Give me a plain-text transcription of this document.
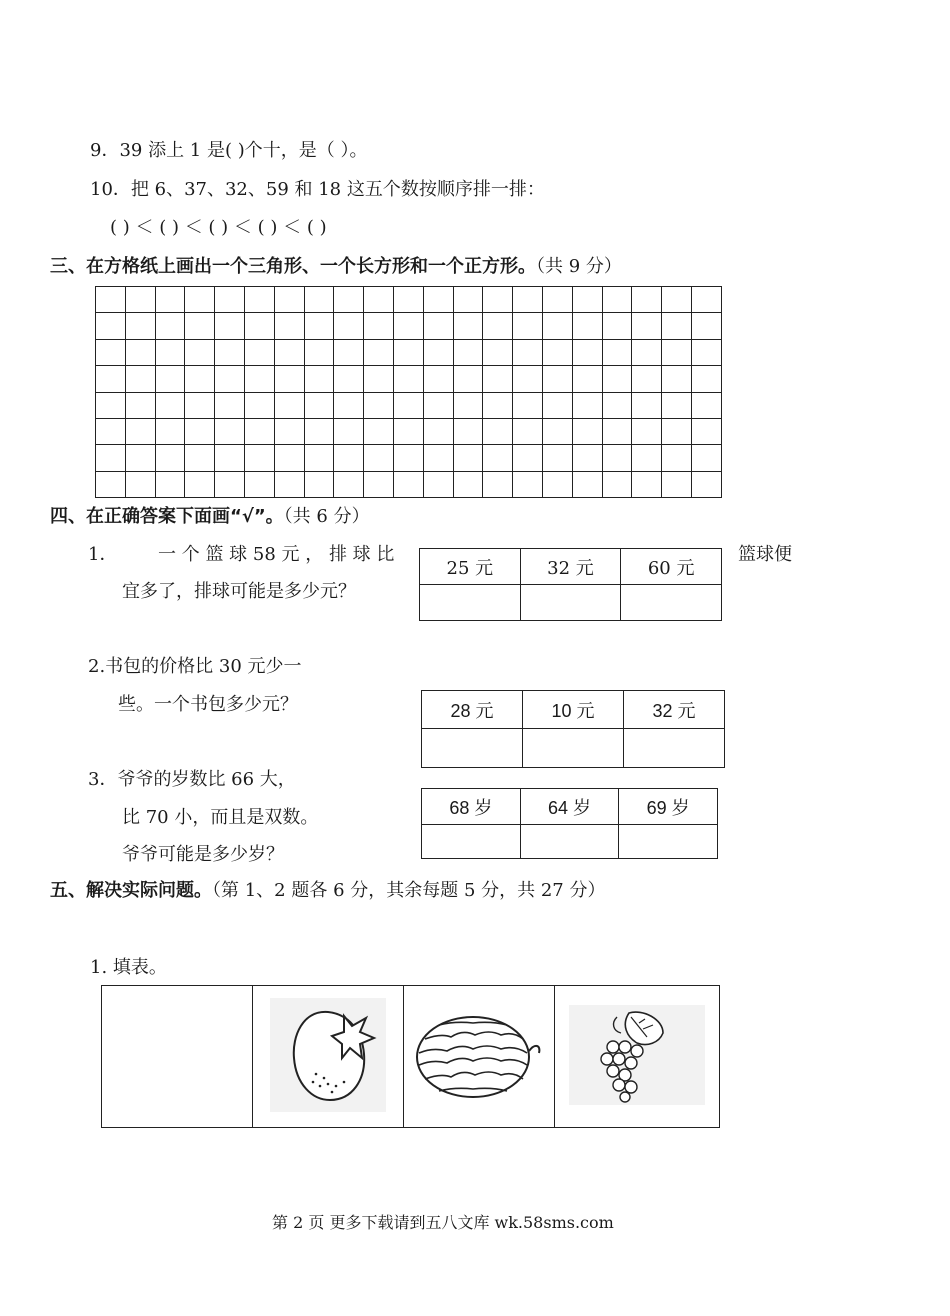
9．39 添上 1 是( )个十，是（ ）。
10．把 6、37、32、59 和 18 这五个数按顺序排一排：
( ) ＜ ( ) ＜ ( ) ＜ ( ) ＜ ( )
三、在方格纸上画出一个三角形、一个长方形和一个正方形。（共 9 分）

四、在正确答案下面画“√”。（共 6 分）
1． 一 个 篮 球 58 元 ， 排 球 比	篮球便
宜多了，排球可能是多少元？
25 元	32 元	60 元

2.书包的价格比 30 元少一
些。一个书包多少元？	28 元	10 元	32 元

3．爷爷的岁数比 66 大，
比 70 小，而且是双数。
爷爷可能是多少岁？
68 岁	64 岁	69 岁

五、解决实际问题。（第 1、2 题各 6 分，其余每题 5 分，共 27 分）
1. 填表。

第 2 页 更多下载请到五八文库 wk.58sms.com
